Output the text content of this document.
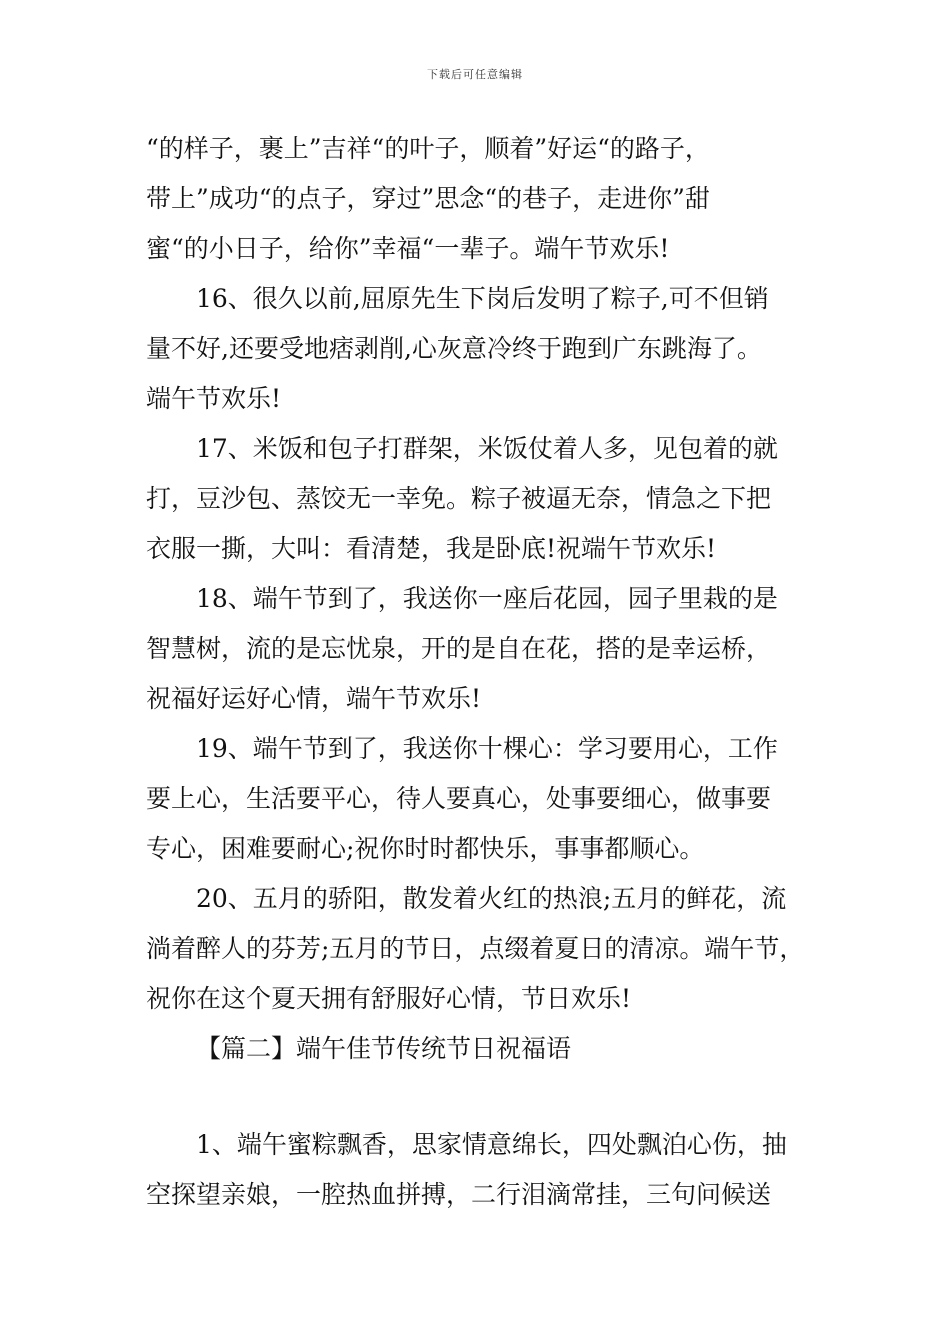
下载后可任意编辑
“的样子，裹上”吉祥“的叶子，顺着”好运“的路子，
带上”成功“的点子，穿过”思念“的巷子，走进你”甜
蜜“的小日子，给你”幸福“一辈子。端午节欢乐!
16、很久以前,屈原先生下岗后发明了粽子,可不但销
量不好,还要受地痞剥削,心灰意冷终于跑到广东跳海了。
端午节欢乐!
17、米饭和包子打群架，米饭仗着人多，见包着的就
打，豆沙包、蒸饺无一幸免。粽子被逼无奈，情急之下把
衣服一撕，大叫：看清楚，我是卧底!祝端午节欢乐!
18、端午节到了，我送你一座后花园，园子里栽的是
智慧树，流的是忘忧泉，开的是自在花，搭的是幸运桥，
祝福好运好心情，端午节欢乐!
19、端午节到了，我送你十棵心：学习要用心，工作
要上心，生活要平心，待人要真心，处事要细心，做事要
专心，困难要耐心;祝你时时都快乐，事事都顺心。
20、五月的骄阳，散发着火红的热浪;五月的鲜花，流
淌着醉人的芬芳;五月的节日，点缀着夏日的清凉。端午节，
祝你在这个夏天拥有舒服好心情，节日欢乐!
【篇二】端午佳节传统节日祝福语
1、端午蜜粽飘香，思家情意绵长，四处飘泊心伤，抽
空探望亲娘，一腔热血拼搏，二行泪滴常挂，三句问候送
